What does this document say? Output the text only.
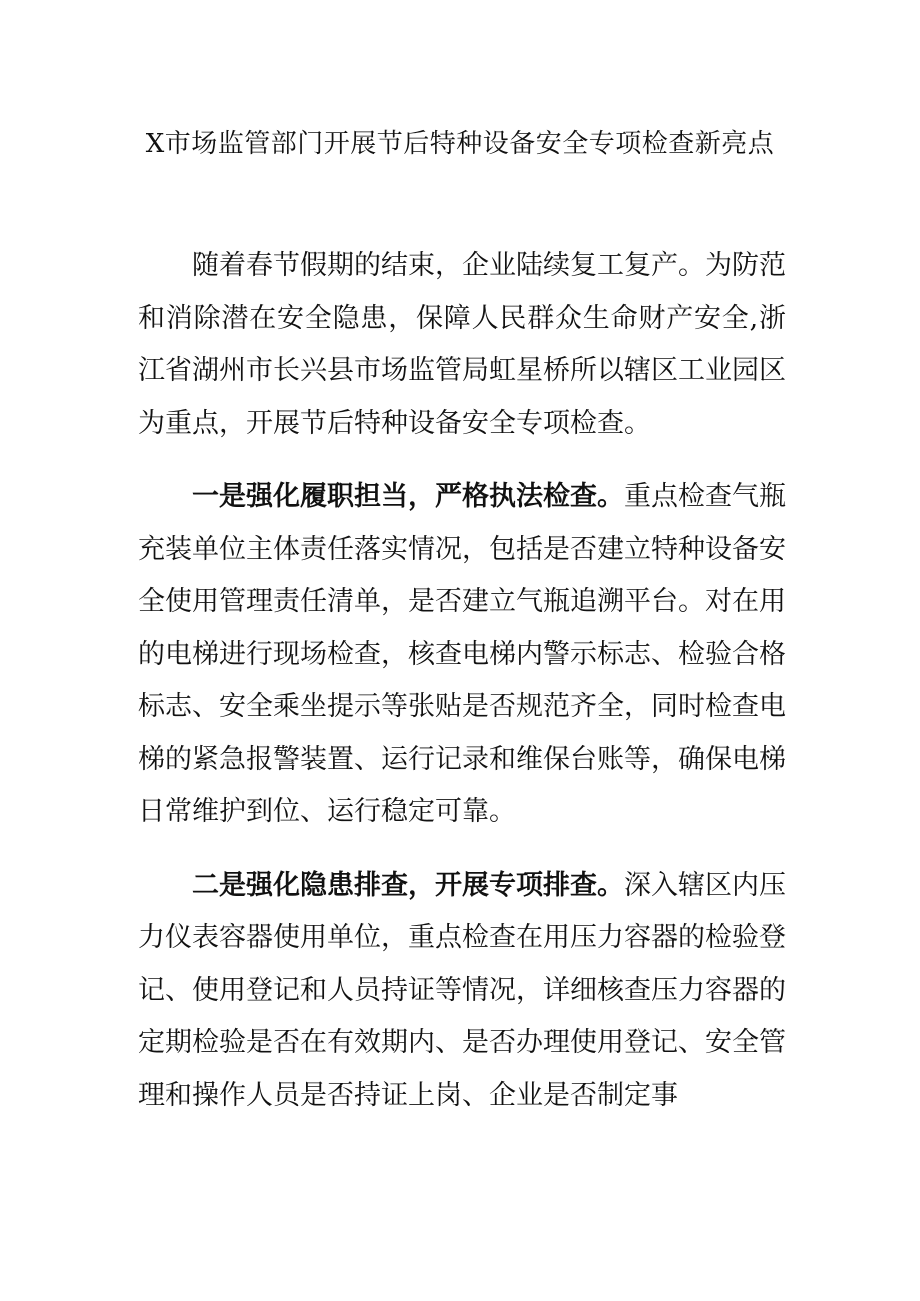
X市场监管部门开展节后特种设备安全专项检查新亮点

随着春节假期的结束，企业陆续复工复产。为防范和消除潜在安全隐患，保障人民群众生命财产安全,浙江省湖州市长兴县市场监管局虹星桥所以辖区工业园区为重点，开展节后特种设备安全专项检查。

一是强化履职担当，严格执法检查。重点检查气瓶充装单位主体责任落实情况，包括是否建立特种设备安全使用管理责任清单，是否建立气瓶追溯平台。对在用的电梯进行现场检查，核查电梯内警示标志、检验合格标志、安全乘坐提示等张贴是否规范齐全，同时检查电梯的紧急报警装置、运行记录和维保台账等，确保电梯日常维护到位、运行稳定可靠。

二是强化隐患排查，开展专项排查。深入辖区内压力仪表容器使用单位，重点检查在用压力容器的检验登记、使用登记和人员持证等情况，详细核查压力容器的定期检验是否在有效期内、是否办理使用登记、安全管理和操作人员是否持证上岗、企业是否制定事
